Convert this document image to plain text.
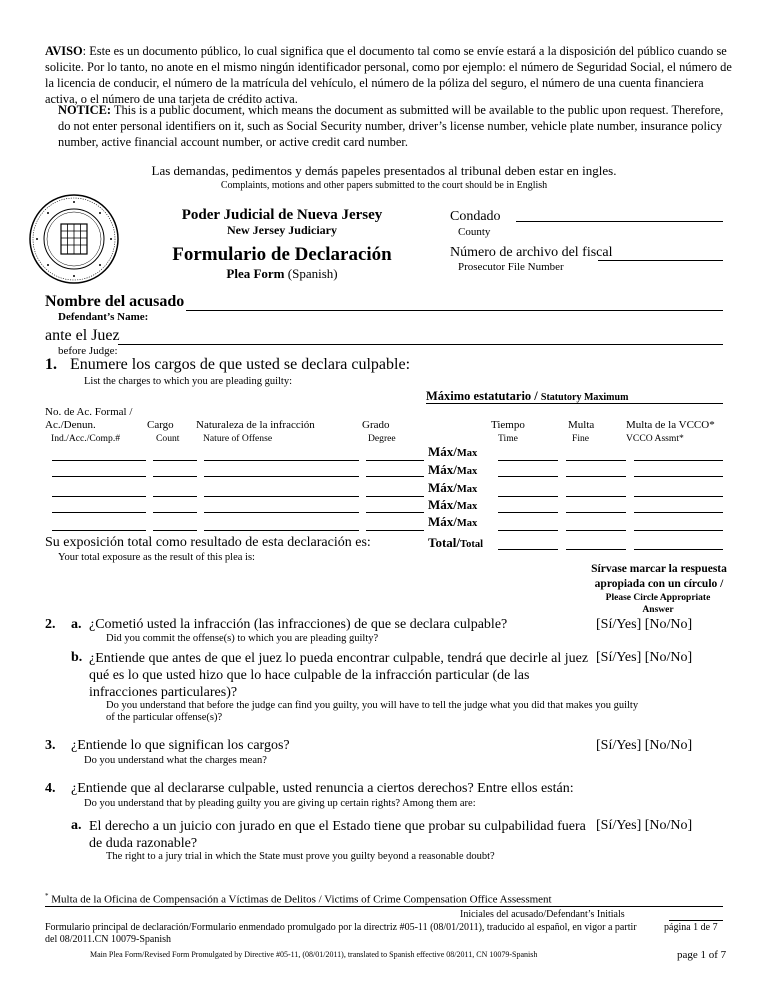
AVISO: Este es un documento público, lo cual significa que el documento tal como se envíe estará a la disposición del público cuando se solicite. Por lo tanto, no anote en el mismo ningún identificador personal, como por ejemplo: el número de Seguridad Social, el número de la licencia de conducir, el número de la matrícula del vehículo, el número de la póliza del seguro, el número de una cuenta financiera activa, o el número de una tarjeta de crédito activa.
NOTICE: This is a public document, which means the document as submitted will be available to the public upon request. Therefore, do not enter personal identifiers on it, such as Social Security number, driver’s license number, vehicle plate number, insurance policy number, active financial account number, or active credit card number.
Las demandas, pedimentos y demás papeles presentados al tribunal deben estar en ingles.
Complaints, motions and other papers submitted to the court should be in English
Poder Judicial de Nueva Jersey
New Jersey Judiciary
Formulario de Declaración
Plea Form (Spanish)
Condado
County
Número de archivo del fiscal
Prosecutor File Number
Nombre del acusado
Defendant’s Name:
ante el Juez
before Judge:
1. Enumere los cargos de que usted se declara culpable:
List the charges to which you are pleading guilty:
Máximo estatutario / Statutory Maximum
No. de Ac. Formal / Ac./Denun.
Ind./Acc./Comp.#
Cargo
Count
Naturaleza de la infracción
Nature of Offense
Grado
Degree
Tiempo
Time
Multa
Fine
Multa de la VCCO*
VCCO Assmt*
Máx/Max
Máx/Max
Máx/Max
Máx/Max
Máx/Max
Su exposición total como resultado de esta declaración es:
Your total exposure as the result of this plea is:
Total/Total
Sírvase marcar la respuesta apropiada con un círculo /
Please Circle Appropriate Answer
2. a. ¿Cometió usted la infracción (las infracciones) de que se declara culpable?
Did you commit the offense(s) to which you are pleading guilty?
[Sí/Yes] [No/No]
b. ¿Entiende que antes de que el juez lo pueda encontrar culpable, tendrá que decirle al juez qué es lo que usted hizo que lo hace culpable de la infracción particular (de las infracciones particulares)?
Do you understand that before the judge can find you guilty, you will have to tell the judge what you did that makes you guilty of the particular offense(s)?
[Sí/Yes] [No/No]
3. ¿Entiende lo que significan los cargos?
Do you understand what the charges mean?
[Sí/Yes] [No/No]
4. ¿Entiende que al declararse culpable, usted renuncia a ciertos derechos? Entre ellos están:
Do you understand that by pleading guilty you are giving up certain rights? Among them are:
a. El derecho a un juicio con jurado en que el Estado tiene que probar su culpabilidad fuera de duda razonable?
The right to a jury trial in which the State must prove you guilty beyond a reasonable doubt?
[Sí/Yes] [No/No]
* Multa de la Oficina de Compensación a Víctimas de Delitos / Victims of Crime Compensation Office Assessment
Iniciales del acusado/Defendant’s Initials
Formulario principal de declaración/Formulario enmendado promulgado por la directriz #05-11 (08/01/2011), traducido al español, en vigor a partir del 08/2011.CN 10079-Spanish
página 1 de 7
Main Plea Form/Revised Form Promulgated by Directive #05-11, (08/01/2011), translated to Spanish effective 08/2011, CN 10079-Spanish	page 1 of 7
